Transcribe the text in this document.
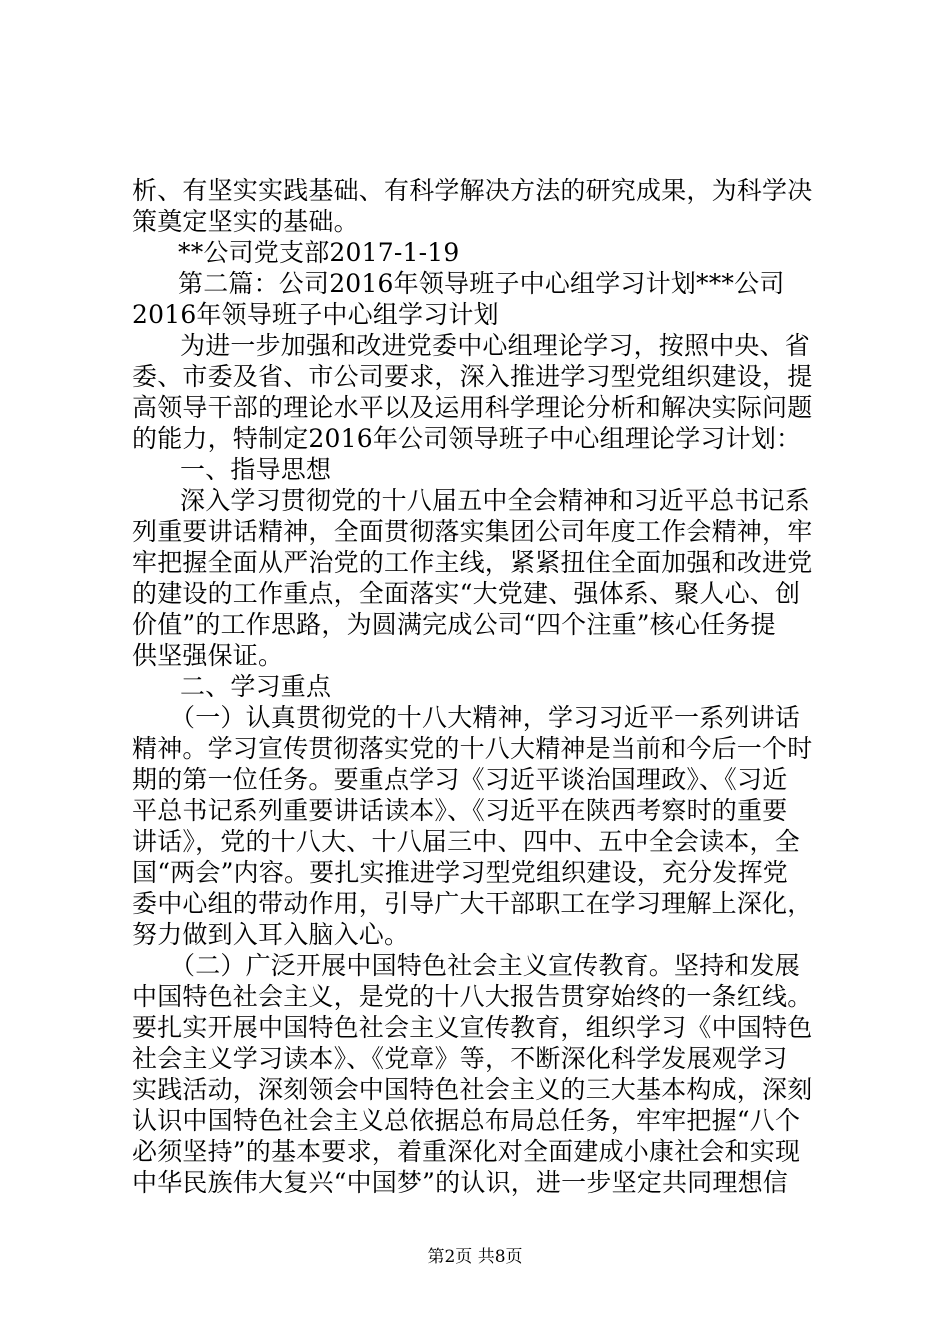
析、有坚实实践基础、有科学解决方法的研究成果，为科学决
策奠定坚实的基础。
**公司党支部2017-1-19
第二篇：公司2016年领导班子中心组学习计划***公司
2016年领导班子中心组学习计划
为进一步加强和改进党委中心组理论学习，按照中央、省
委、市委及省、市公司要求，深入推进学习型党组织建设，提
高领导干部的理论水平以及运用科学理论分析和解决实际问题
的能力，特制定2016年公司领导班子中心组理论学习计划：
一、指导思想
深入学习贯彻党的十八届五中全会精神和习近平总书记系
列重要讲话精神，全面贯彻落实集团公司年度工作会精神，牢
牢把握全面从严治党的工作主线，紧紧扭住全面加强和改进党
的建设的工作重点，全面落实“大党建、强体系、聚人心、创
价值”的工作思路，为圆满完成公司“四个注重”核心任务提
供坚强保证。
二、学习重点
（一）认真贯彻党的十八大精神，学习习近平一系列讲话
精神。学习宣传贯彻落实党的十八大精神是当前和今后一个时
期的第一位任务。要重点学习《习近平谈治国理政》、《习近
平总书记系列重要讲话读本》、《习近平在陕西考察时的重要
讲话》，党的十八大、十八届三中、四中、五中全会读本，全
国“两会”内容。要扎实推进学习型党组织建设，充分发挥党
委中心组的带动作用，引导广大干部职工在学习理解上深化，
努力做到入耳入脑入心。
（二）广泛开展中国特色社会主义宣传教育。坚持和发展
中国特色社会主义，是党的十八大报告贯穿始终的一条红线。
要扎实开展中国特色社会主义宣传教育，组织学习《中国特色
社会主义学习读本》、《党章》等，不断深化科学发展观学习
实践活动，深刻领会中国特色社会主义的三大基本构成，深刻
认识中国特色社会主义总依据总布局总任务，牢牢把握“八个
必须坚持”的基本要求，着重深化对全面建成小康社会和实现
中华民族伟大复兴“中国梦”的认识，进一步坚定共同理想信
第2页 共8页
